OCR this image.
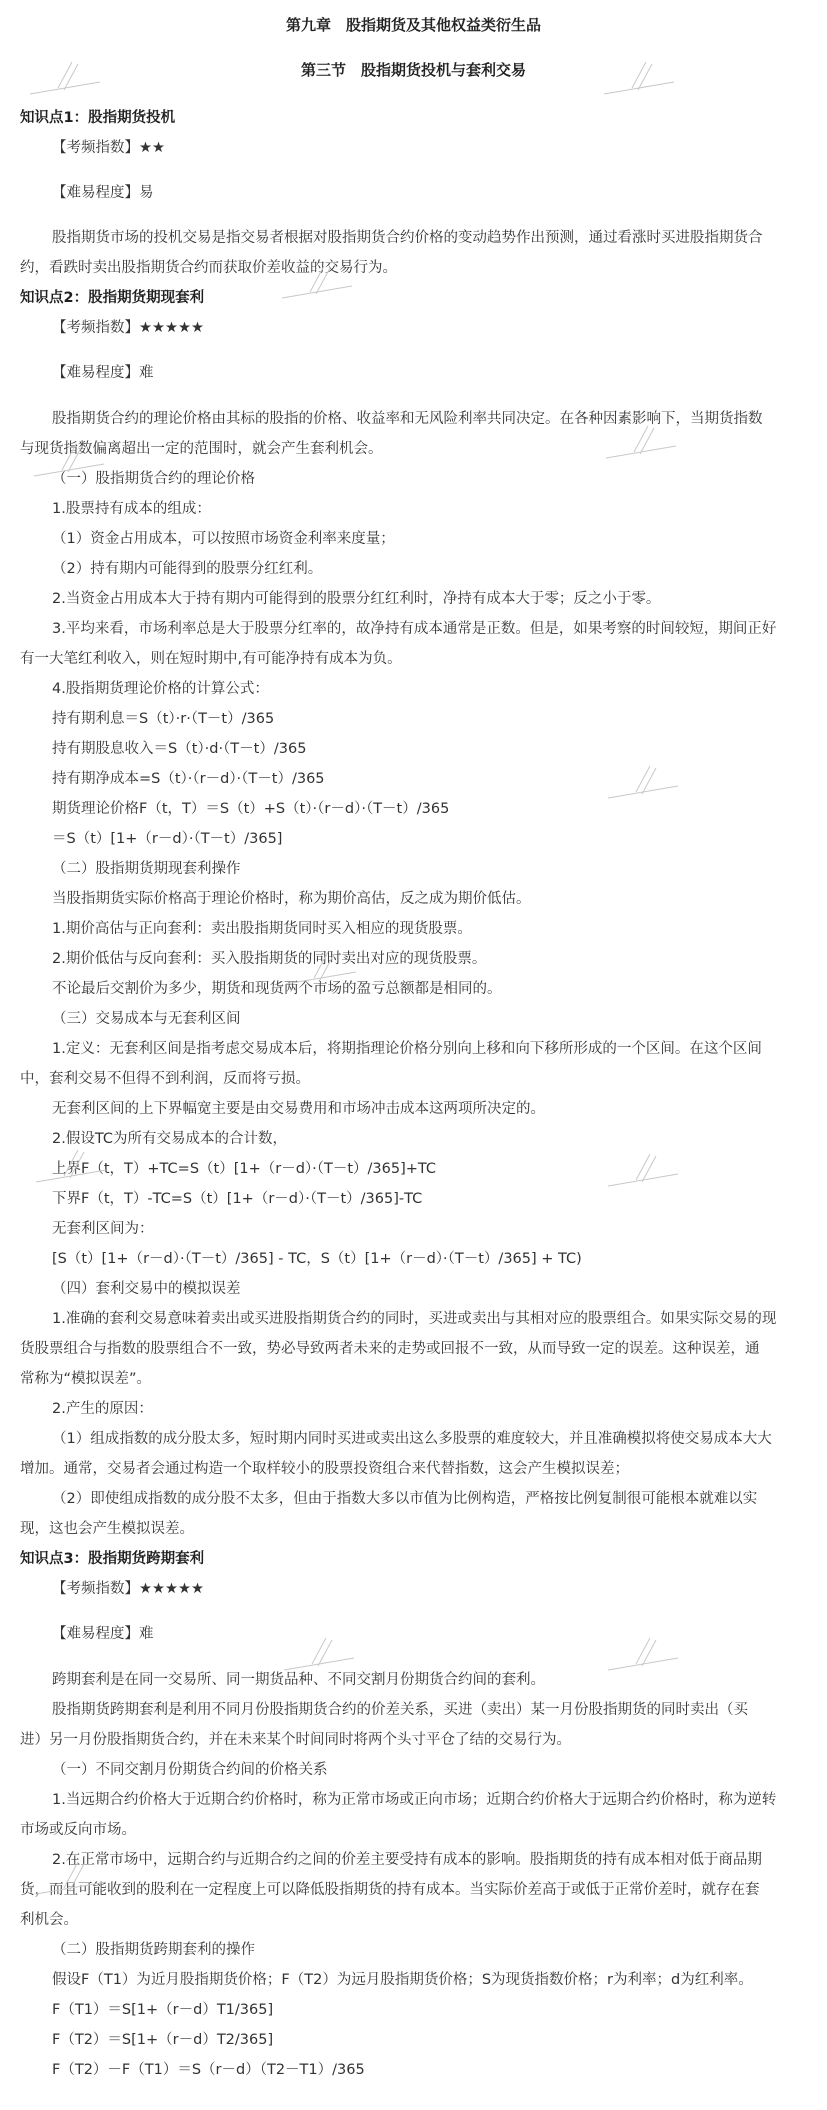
第九章　股指期货及其他权益类衍生品
第三节　股指期货投机与套利交易
知识点1：股指期货投机
【考频指数】★★
【难易程度】易
股指期货市场的投机交易是指交易者根据对股指期货合约价格的变动趋势作出预测，通过看涨时买进股指期货合
约，看跌时卖出股指期货合约而获取价差收益的交易行为。
知识点2：股指期货期现套利
【考频指数】★★★★★
【难易程度】难
股指期货合约的理论价格由其标的股指的价格、收益率和无风险利率共同决定。在各种因素影响下，当期货指数
与现货指数偏离超出一定的范围时，就会产生套利机会。
（一）股指期货合约的理论价格
1.股票持有成本的组成：
（1）资金占用成本，可以按照市场资金利率来度量；
（2）持有期内可能得到的股票分红红利。
2.当资金占用成本大于持有期内可能得到的股票分红红利时，净持有成本大于零；反之小于零。
3.平均来看，市场利率总是大于股票分红率的，故净持有成本通常是正数。但是，如果考察的时间较短，期间正好
有一大笔红利收入，则在短时期中,有可能净持有成本为负。
4.股指期货理论价格的计算公式：
持有期利息＝S（t）·r·（T－t）/365
持有期股息收入＝S（t）·d·（T－t）/365
持有期净成本=S（t）·（r－d）·（T－t）/365
期货理论价格F（t，T）＝S（t）+S（t）·（r－d）·（T－t）/365
＝S（t）[1+（r－d）·（T－t）/365]
（二）股指期货期现套利操作
当股指期货实际价格高于理论价格时，称为期价高估，反之成为期价低估。
1.期价高估与正向套利：卖出股指期货同时买入相应的现货股票。
2.期价低估与反向套利：买入股指期货的同时卖出对应的现货股票。
不论最后交割价为多少，期货和现货两个市场的盈亏总额都是相同的。
（三）交易成本与无套利区间
1.定义：无套利区间是指考虑交易成本后，将期指理论价格分别向上移和向下移所形成的一个区间。在这个区间
中，套利交易不但得不到利润，反而将亏损。
无套利区间的上下界幅宽主要是由交易费用和市场冲击成本这两项所决定的。
2.假设TC为所有交易成本的合计数，
上界F（t，T）+TC=S（t）[1+（r－d）·（T－t）/365]+TC
下界F（t，T）-TC=S（t）[1+（r－d）·（T－t）/365]-TC
无套利区间为：
[S（t）[1+（r－d）·（T－t）/365] - TC，S（t）[1+（r－d）·（T－t）/365] + TC)
（四）套利交易中的模拟误差
1.准确的套利交易意味着卖出或买进股指期货合约的同时，买进或卖出与其相对应的股票组合。如果实际交易的现
货股票组合与指数的股票组合不一致，势必导致两者未来的走势或回报不一致，从而导致一定的误差。这种误差，通
常称为“模拟误差”。
2.产生的原因：
（1）组成指数的成分股太多，短时期内同时买进或卖出这么多股票的难度较大，并且准确模拟将使交易成本大大
增加。通常，交易者会通过构造一个取样较小的股票投资组合来代替指数，这会产生模拟误差；
（2）即使组成指数的成分股不太多，但由于指数大多以市值为比例构造，严格按比例复制很可能根本就难以实
现，这也会产生模拟误差。
知识点3：股指期货跨期套利
【考频指数】★★★★★
【难易程度】难
跨期套利是在同一交易所、同一期货品种、不同交割月份期货合约间的套利。
股指期货跨期套利是利用不同月份股指期货合约的价差关系，买进（卖出）某一月份股指期货的同时卖出（买
进）另一月份股指期货合约，并在未来某个时间同时将两个头寸平仓了结的交易行为。
（一）不同交割月份期货合约间的价格关系
1.当远期合约价格大于近期合约价格时，称为正常市场或正向市场；近期合约价格大于远期合约价格时，称为逆转
市场或反向市场。
2.在正常市场中，远期合约与近期合约之间的价差主要受持有成本的影响。股指期货的持有成本相对低于商品期
货，而且可能收到的股利在一定程度上可以降低股指期货的持有成本。当实际价差高于或低于正常价差时，就存在套
利机会。
（二）股指期货跨期套利的操作
假设F（T1）为近月股指期货价格；F（T2）为远月股指期货价格；S为现货指数价格；r为利率；d为红利率。
F（T1）＝S[1+（r－d）T1/365]
F（T2）＝S[1+（r－d）T2/365]
F（T2）－F（T1）＝S（r－d）（T2－T1）/365
